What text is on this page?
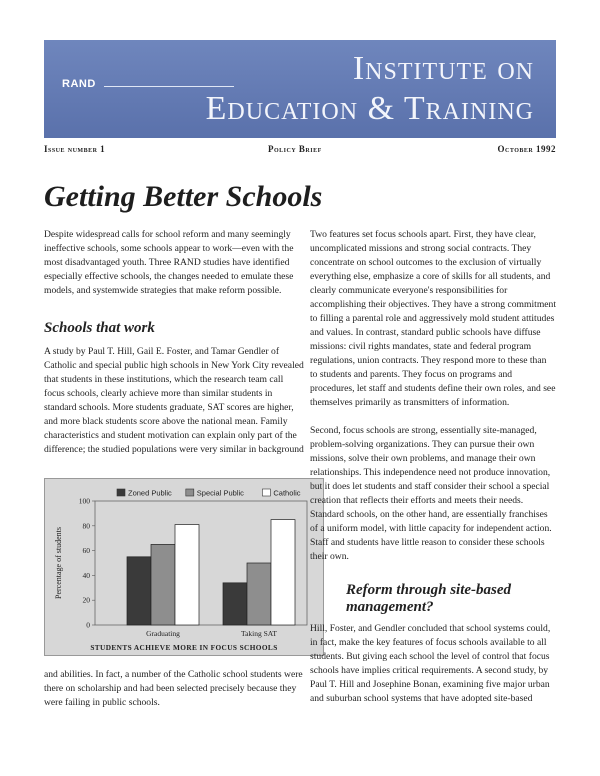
RAND	Institute on
Education & Training
Issue number 1	Policy Brief	October 1992
Getting Better Schools

Despite widespread calls for school reform and many seemingly ineffective schools, some schools appear to work—even with the most disadvantaged youth. Three RAND studies have identified especially effective schools, the changes needed to emulate these models, and systemwide strategies that make reform possible.

Schools that work

A study by Paul T. Hill, Gail E. Foster, and Tamar Gendler of Catholic and special public high schools in New York City revealed that students in these institutions, which the research team call focus schools, clearly achieve more than similar students in standard schools. More students graduate, SAT scores are higher, and more black students score above the national mean. Family characteristics and student motivation can explain only part of the difference; the studied populations were very similar in background

Zoned Public	Special Public	Catholic
0
20
40
60
80
100
Percentage of students
Graduating	Taking SAT
STUDENTS ACHIEVE MORE IN FOCUS SCHOOLS

and abilities. In fact, a number of the Catholic school students were there on scholarship and had been selected precisely because they were failing in public schools.

Two features set focus schools apart. First, they have clear, uncomplicated missions and strong social contracts. They concentrate on school outcomes to the exclusion of virtually everything else, emphasize a core of skills for all students, and clearly communicate everyone's responsibilities for accomplishing their objectives. They have a strong commitment to filling a parental role and aggressively mold student attitudes and values. In contrast, standard public schools have diffuse missions: civil rights mandates, state and federal program regulations, union contracts. They respond more to these than to students and parents. They focus on programs and procedures, let staff and students define their own roles, and see themselves primarily as transmitters of information.

Second, focus schools are strong, essentially site-managed, problem-solving organizations. They can pursue their own missions, solve their own problems, and manage their own relationships. This independence need not produce innovation, but it does let students and staff consider their school a special creation that reflects their efforts and meets their needs. Standard schools, on the other hand, are essentially franchises of a uniform model, with little capacity for independent action. Staff and students have little reason to consider these schools their own.

Reform through site-based management?

Hill, Foster, and Gendler concluded that school systems could, in fact, make the key features of focus schools available to all students. But giving each school the level of control that focus schools have implies critical requirements. A second study, by Paul T. Hill and Josephine Bonan, examining five major urban and suburban school systems that have adopted site-based
